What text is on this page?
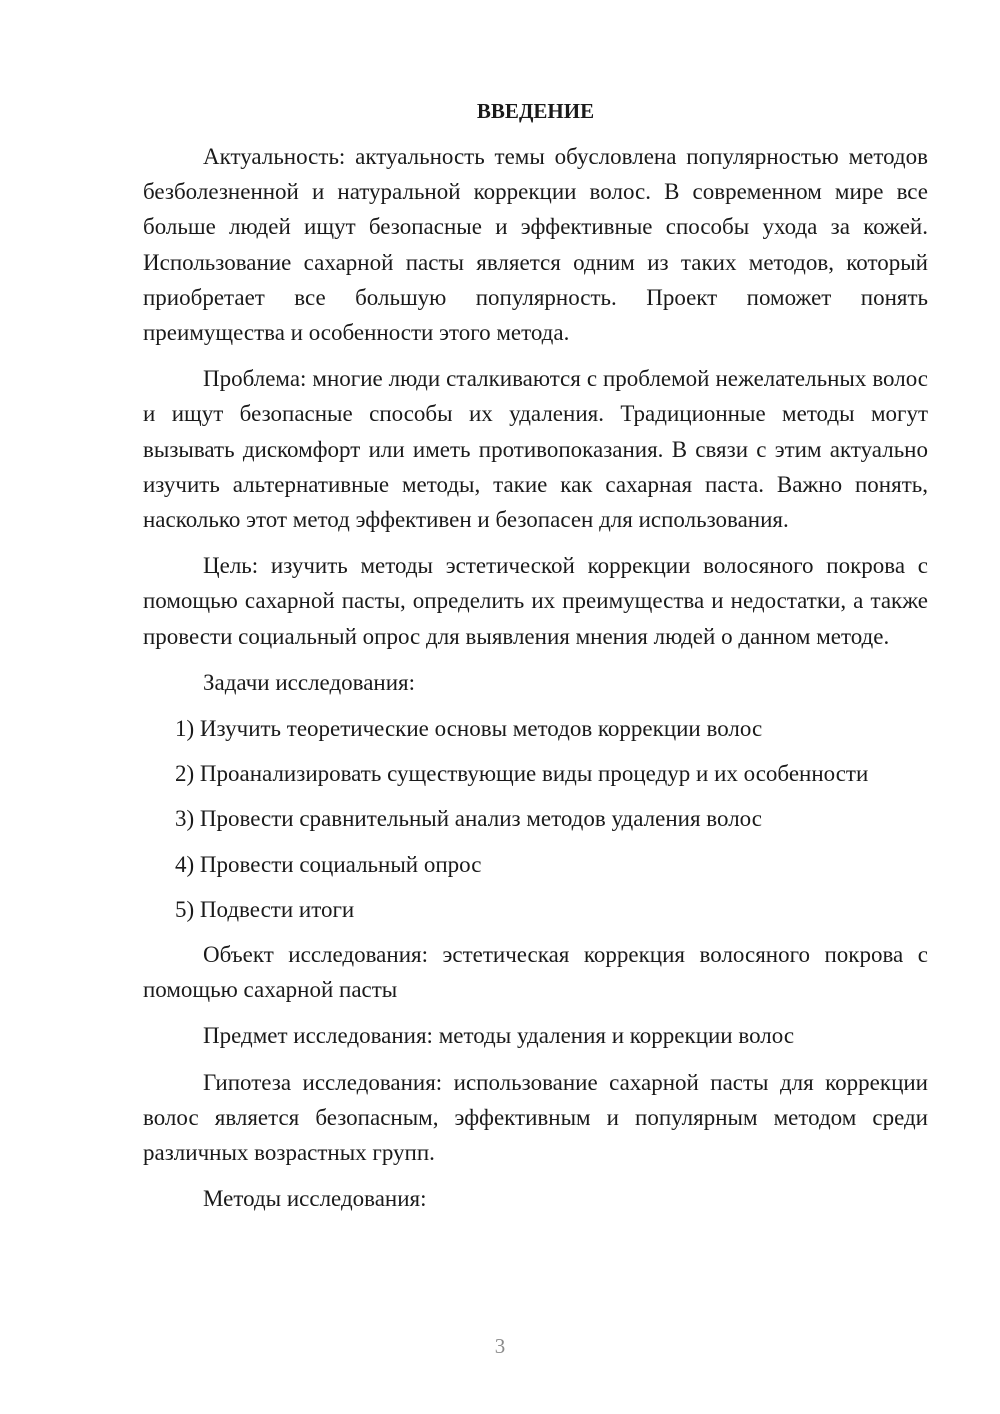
ВВЕДЕНИЕ

Актуальность: актуальность темы обусловлена популярностью методов безболезненной и натуральной коррекции волос. В современном мире все больше людей ищут безопасные и эффективные способы ухода за кожей. Использование сахарной пасты является одним из таких методов, который приобретает все большую популярность. Проект поможет понять преимущества и особенности этого метода.

Проблема: многие люди сталкиваются с проблемой нежелательных волос и ищут безопасные способы их удаления. Традиционные методы могут вызывать дискомфорт или иметь противопоказания. В связи с этим актуально изучить альтернативные методы, такие как сахарная паста. Важно понять, насколько этот метод эффективен и безопасен для использования.

Цель: изучить методы эстетической коррекции волосяного покрова с помощью сахарной пасты, определить их преимущества и недостатки, а также провести социальный опрос для выявления мнения людей о данном методе.

Задачи исследования:

1) Изучить теоретические основы методов коррекции волос
2) Проанализировать существующие виды процедур и их особенности
3) Провести сравнительный анализ методов удаления волос
4) Провести социальный опрос
5) Подвести итоги

Объект исследования: эстетическая коррекция волосяного покрова с помощью сахарной пасты

Предмет исследования: методы удаления и коррекции волос

Гипотеза исследования: использование сахарной пасты для коррекции волос является безопасным, эффективным и популярным методом среди различных возрастных групп.

Методы исследования:

3
